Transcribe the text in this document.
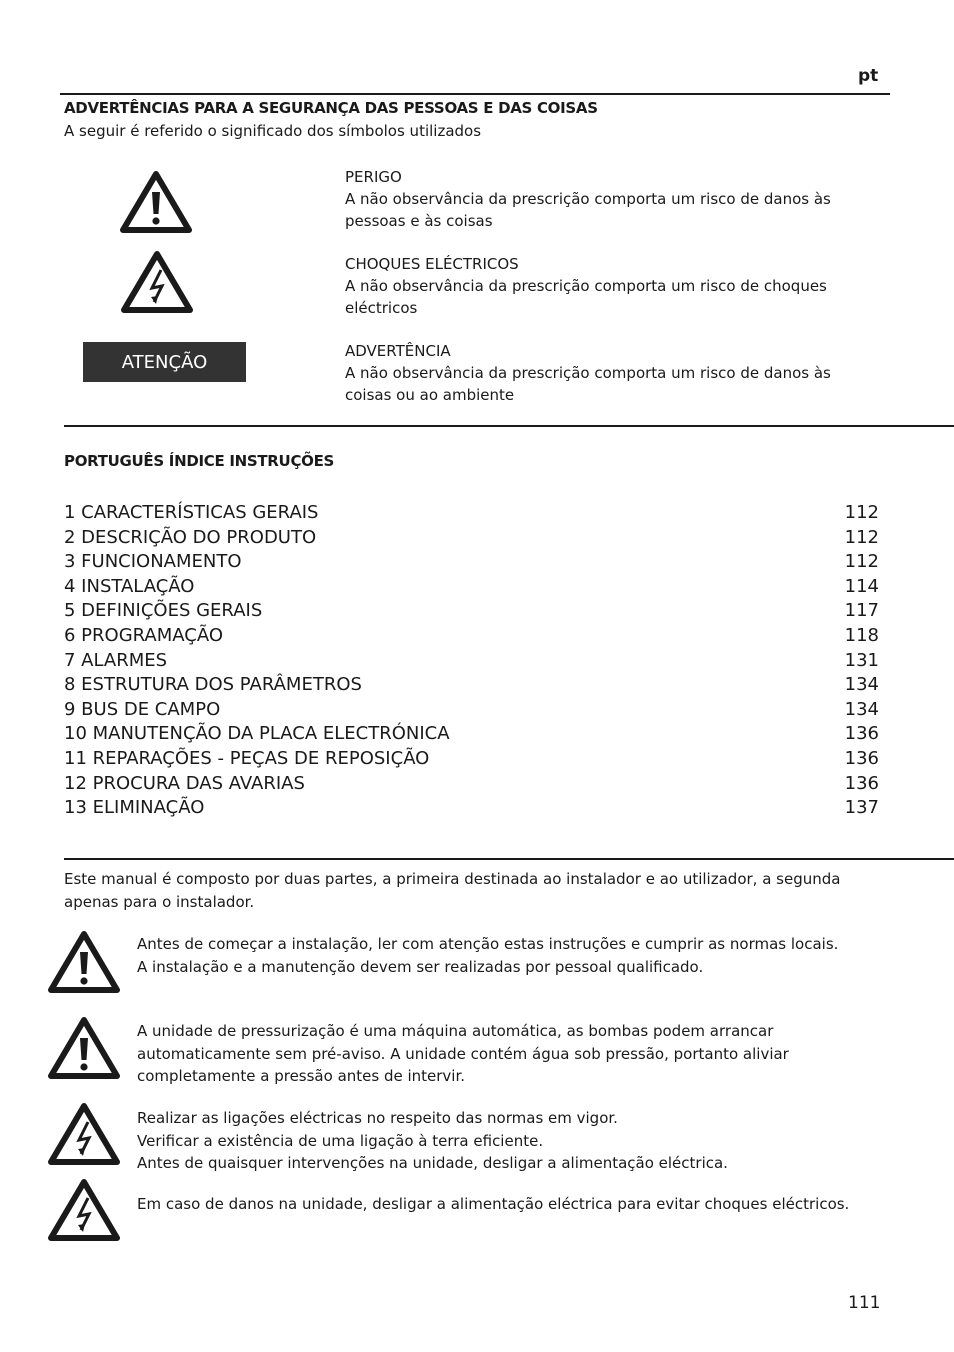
pt
ADVERTÊNCIAS PARA A SEGURANÇA DAS PESSOAS E DAS COISAS
A seguir é referido o significado dos símbolos utilizados
PERIGO
A não observância da prescrição comporta um risco de danos às
pessoas e às coisas
CHOQUES ELÉCTRICOS
A não observância da prescrição comporta um risco de choques
eléctricos
ATENÇÃO
ADVERTÊNCIA
A não observância da prescrição comporta um risco de danos às
coisas ou ao ambiente
PORTUGUÊS ÍNDICE INSTRUÇÕES
1 CARACTERÍSTICAS GERAIS	112
2 DESCRIÇÃO DO PRODUTO	112
3 FUNCIONAMENTO	112
4 INSTALAÇÃO	114
5 DEFINIÇÕES GERAIS	117
6 PROGRAMAÇÃO	118
7 ALARMES	131
8 ESTRUTURA DOS PARÂMETROS	134
9 BUS DE CAMPO	134
10 MANUTENÇÃO DA PLACA ELECTRÓNICA	136
11 REPARAÇÕES - PEÇAS DE REPOSIÇÃO	136
12 PROCURA DAS AVARIAS	136
13 ELIMINAÇÃO	137
Este manual é composto por duas partes, a primeira destinada ao instalador e ao utilizador, a segunda
apenas para o instalador.
Antes de começar a instalação, ler com atenção estas instruções e cumprir as normas locais.
A instalação e a manutenção devem ser realizadas por pessoal qualificado.
A unidade de pressurização é uma máquina automática, as bombas podem arrancar
automaticamente sem pré-aviso. A unidade contém água sob pressão, portanto aliviar
completamente a pressão antes de intervir.
Realizar as ligações eléctricas no respeito das normas em vigor.
Verificar a existência de uma ligação à terra eficiente.
Antes de quaisquer intervenções na unidade, desligar a alimentação eléctrica.
Em caso de danos na unidade, desligar a alimentação eléctrica para evitar choques eléctricos.
111
